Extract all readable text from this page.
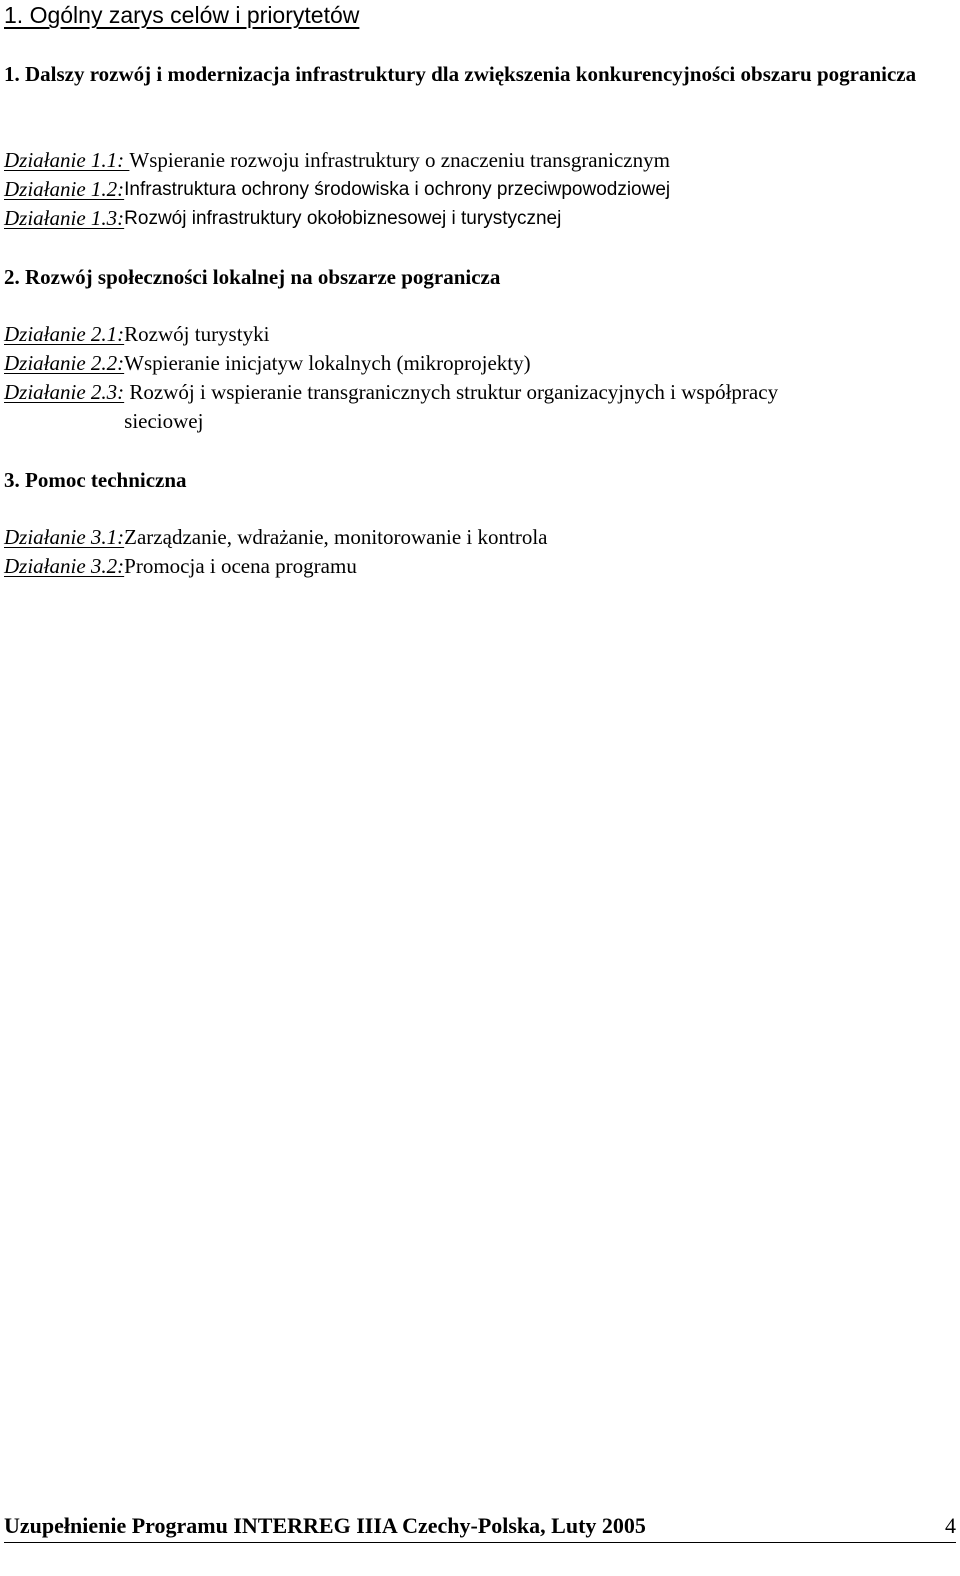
1. Ogólny zarys celów i priorytetów
1. Dalszy rozwój i modernizacja infrastruktury dla zwiększenia konkurencyjności obszaru pogranicza
Działanie 1.1: Wspieranie rozwoju infrastruktury o znaczeniu transgranicznym
Działanie 1.2:Infrastruktura ochrony środowiska i ochrony przeciwpowodziowej
Działanie 1.3:Rozwój infrastruktury okołobiznesowej i turystycznej
2. Rozwój społeczności lokalnej na obszarze pogranicza
Działanie 2.1:Rozwój turystyki
Działanie 2.2:Wspieranie inicjatyw lokalnych (mikroprojekty)
Działanie 2.3: Rozwój i wspieranie transgranicznych struktur organizacyjnych i współpracy sieciowej
3. Pomoc techniczna
Działanie 3.1:Zarządzanie, wdrażanie, monitorowanie i kontrola
Działanie 3.2:Promocja i ocena programu
Uzupełnienie Programu INTERREG IIIA Czechy-Polska, Luty 2005	4
